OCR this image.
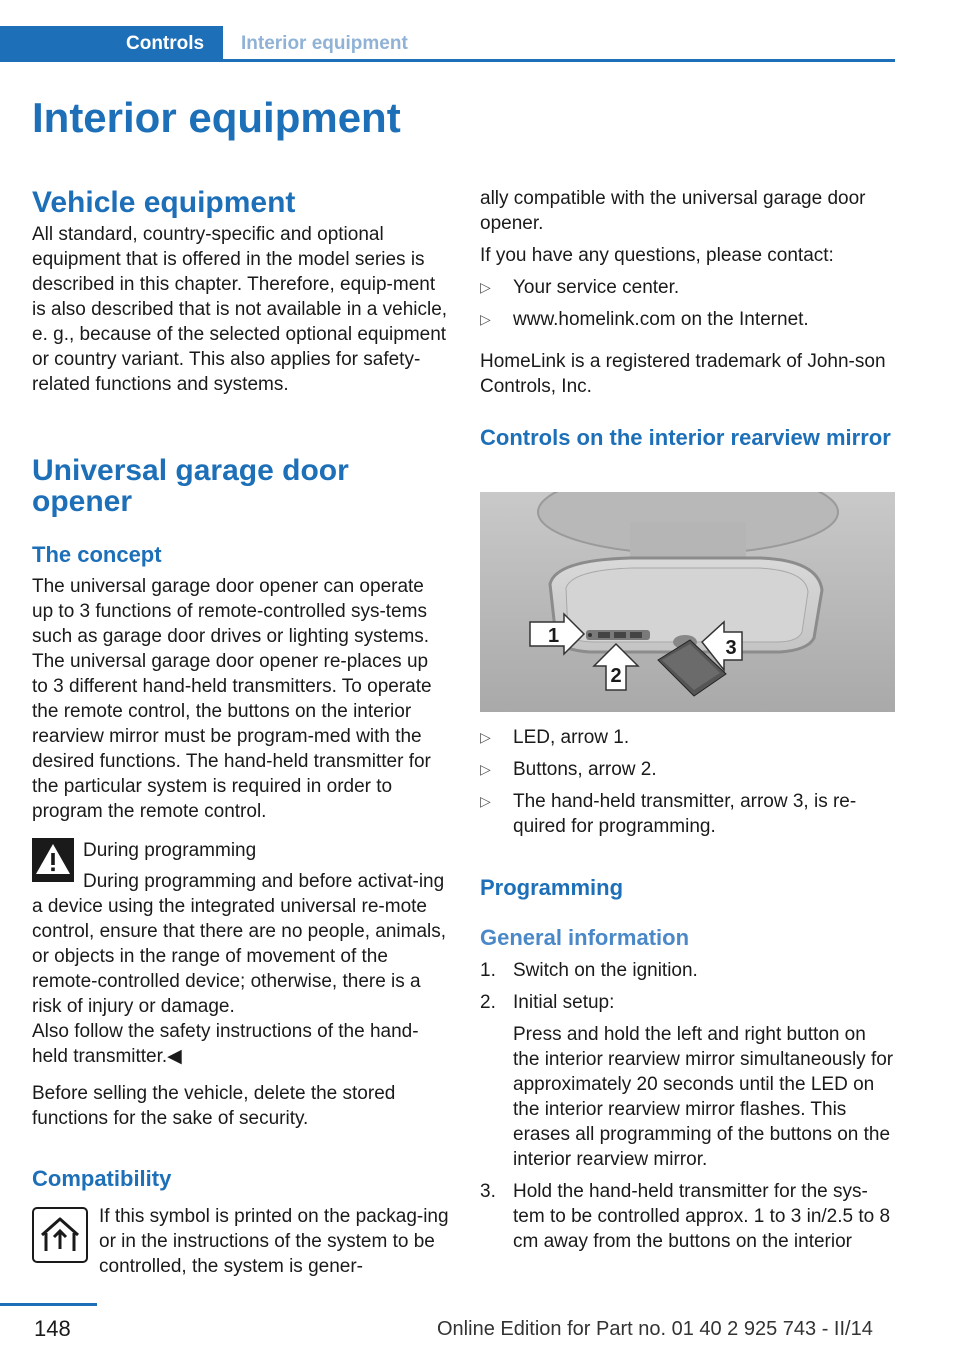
Controls	Interior equipment
Interior equipment
Vehicle equipment

All standard, country-specific and optional equipment that is offered in the model series is described in this chapter. Therefore, equip-ment is also described that is not available in a vehicle, e. g., because of the selected optional equipment or country variant. This also applies for safety-related functions and systems.

Universal garage door opener
The concept

The universal garage door opener can operate up to 3 functions of remote-controlled sys-tems such as garage door drives or lighting systems. The universal garage door opener re-places up to 3 different hand-held transmitters. To operate the remote control, the buttons on the interior rearview mirror must be program-med with the desired functions. The hand-held transmitter for the particular system is required in order to program the remote control.

During programming

During programming and before activat-ing a device using the integrated universal re-mote control, ensure that there are no people, animals, or objects in the range of movement of the remote-controlled device; otherwise, there is a risk of injury or damage.

Also follow the safety instructions of the hand-held transmitter.◀

Before selling the vehicle, delete the stored functions for the sake of security.

Compatibility

If this symbol is printed on the packag-ing or in the instructions of the system to be controlled, the system is gener-

ally compatible with the universal garage door opener.

If you have any questions, please contact:

▷ Your service center.
▷ www.homelink.com on the Internet.

HomeLink is a registered trademark of John-son Controls, Inc.

Controls on the interior rearview mirror
1
2
3
▷ LED, arrow 1.
▷ Buttons, arrow 2.
▷ The hand-held transmitter, arrow 3, is re-quired for programming.
Programming
General information
1. Switch on the ignition.
2. Initial setup:

Press and hold the left and right button on the interior rearview mirror simultaneously for approximately 20 seconds until the LED on the interior rearview mirror flashes. This erases all programming of the buttons on the interior rearview mirror.

3. Hold the hand-held transmitter for the sys-tem to be controlled approx. 1 to 3 in/2.5 to 8 cm away from the buttons on the interior
148	Online Edition for Part no. 01 40 2 925 743 - II/14
